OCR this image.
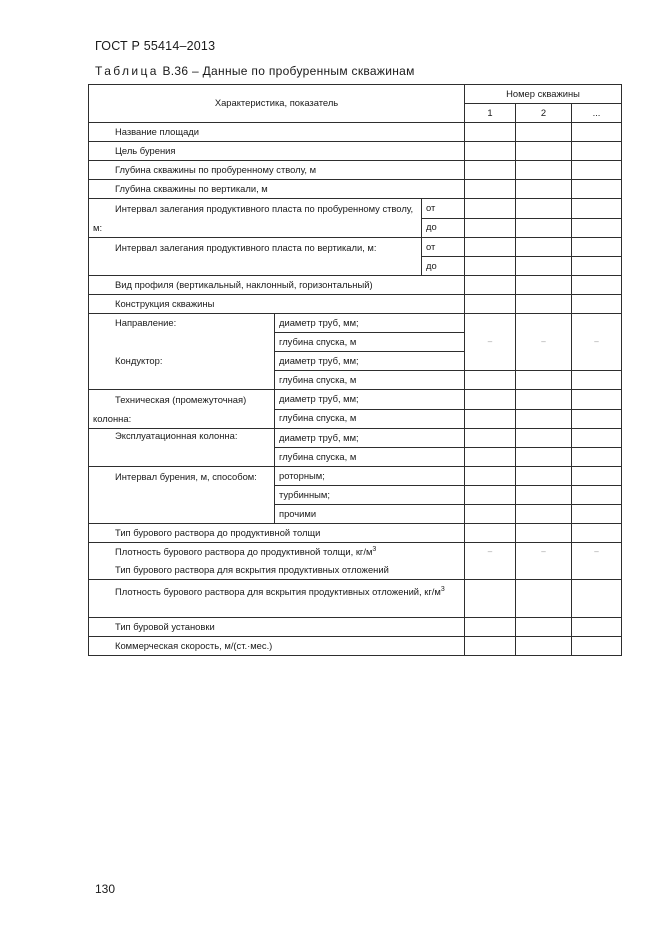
ГОСТ Р 55414–2013
Таблица В.36 – Данные по пробуренным скважинам
Характеристика, показатель			Номер скважины		
			1	2	...
Название площади					
Цель бурения					
Глубина скважины по пробуренному стволу, м					
Глубина скважины по вертикали, м					
Интервал залегания продуктивного пласта по пробуренному стволу, м:		от			
		до			
Интервал залегания продуктивного пласта по вертикали, м:		от			
		до			
Вид профиля (вертикальный, наклонный, горизонтальный)					
Конструкция скважины					
Направление:	диаметр труб, мм;				
	глубина спуска, м		–	–	–
Кондуктор:	диаметр труб, мм;				
	глубина спуска, м				
Техническая (промежуточная) колонна:	диаметр труб, мм;				
	глубина спуска, м				
Эксплуатационная колонна:	диаметр труб, мм;				
	глубина спуска, м				
Интервал бурения, м, способом:	роторным;				
	турбинным;				
	прочими				
Тип бурового раствора до продуктивной толщи					
Плотность бурового раствора до продуктивной толщи, $кг/м^3$			–	–	–
Тип бурового раствора для вскрытия продуктивных отложений					
Плотность бурового раствора для вскрытия продуктивных отложений, $кг/м^3$			
Тип буровой установки					
Коммерческая скорость, м/(ст.·мес.)					
130
